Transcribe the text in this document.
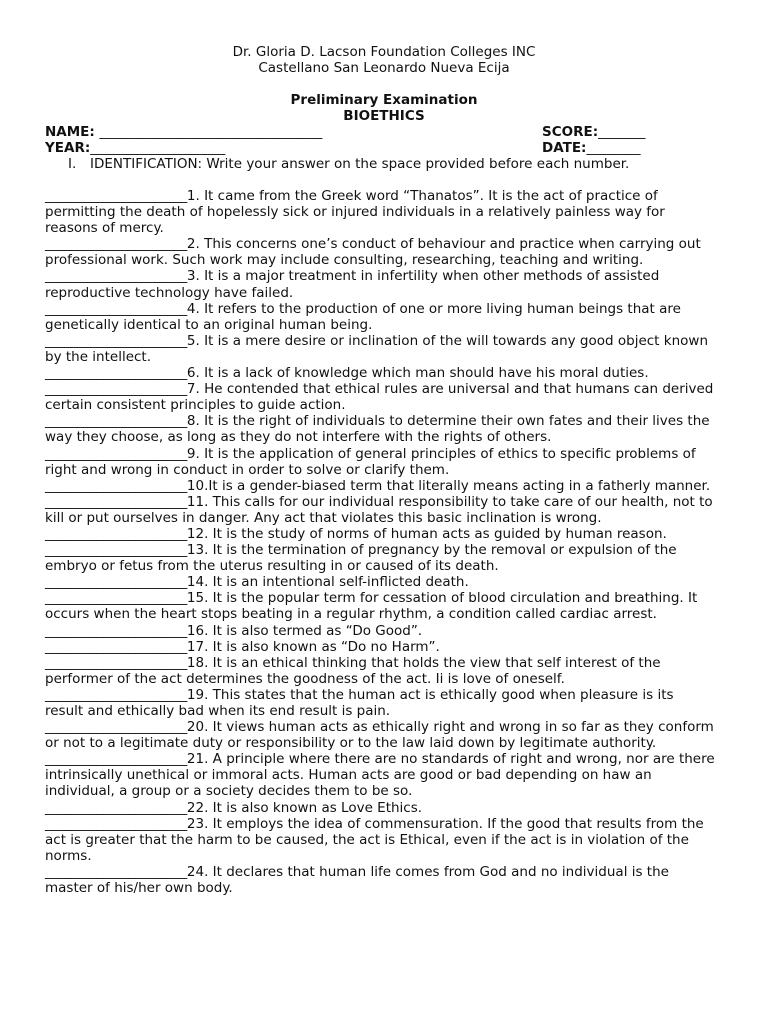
Dr. Gloria D. Lacson Foundation Colleges INC
Castellano San Leonardo Nueva Ecija
Preliminary Examination
BIOETHICS
NAME: _________________________________	SCORE:_______
YEAR:____________________	DATE:________
I. IDENTIFICATION: Write your answer on the space provided before each number.

______________________1. It came from the Greek word “Thanatos”. It is the act of practice of permitting the death of hopelessly sick or injured individuals in a relatively painless way for reasons of mercy.

______________________2. This concerns one’s conduct of behaviour and practice when carrying out professional work. Such work may include consulting, researching, teaching and writing.

______________________3. It is a major treatment in infertility when other methods of assisted reproductive technology have failed.

______________________4. It refers to the production of one or more living human beings that are genetically identical to an original human being.

______________________5. It is a mere desire or inclination of the will towards any good object known by the intellect.

______________________6. It is a lack of knowledge which man should have his moral duties.

______________________7. He contended that ethical rules are universal and that humans can derived certain consistent principles to guide action.

______________________8. It is the right of individuals to determine their own fates and their lives the way they choose, as long as they do not interfere with the rights of others.

______________________9. It is the application of general principles of ethics to specific problems of right and wrong in conduct in order to solve or clarify them.

______________________10.It is a gender-biased term that literally means acting in a fatherly manner.

______________________11. This calls for our individual responsibility to take care of our health, not to kill or put ourselves in danger. Any act that violates this basic inclination is wrong.

______________________12. It is the study of norms of human acts as guided by human reason.

______________________13. It is the termination of pregnancy by the removal or expulsion of the embryo or fetus from the uterus resulting in or caused of its death.

______________________14. It is an intentional self-inflicted death.

______________________15. It is the popular term for cessation of blood circulation and breathing. It occurs when the heart stops beating in a regular rhythm, a condition called cardiac arrest.

______________________16. It is also termed as “Do Good”.

______________________17. It is also known as “Do no Harm”.

______________________18. It is an ethical thinking that holds the view that self interest of the performer of the act determines the goodness of the act. Ii is love of oneself.

______________________19. This states that the human act is ethically good when pleasure is its result and ethically bad when its end result is pain.

______________________20. It views human acts as ethically right and wrong in so far as they conform or not to a legitimate duty or responsibility or to the law laid down by legitimate authority.

______________________21. A principle where there are no standards of right and wrong, nor are there intrinsically unethical or immoral acts. Human acts are good or bad depending on haw an individual, a group or a society decides them to be so.

______________________22. It is also known as Love Ethics.

______________________23. It employs the idea of commensuration. If the good that results from the act is greater that the harm to be caused, the act is Ethical, even if the act is in violation of the norms.

______________________24. It declares that human life comes from God and no individual is the master of his/her own body.
